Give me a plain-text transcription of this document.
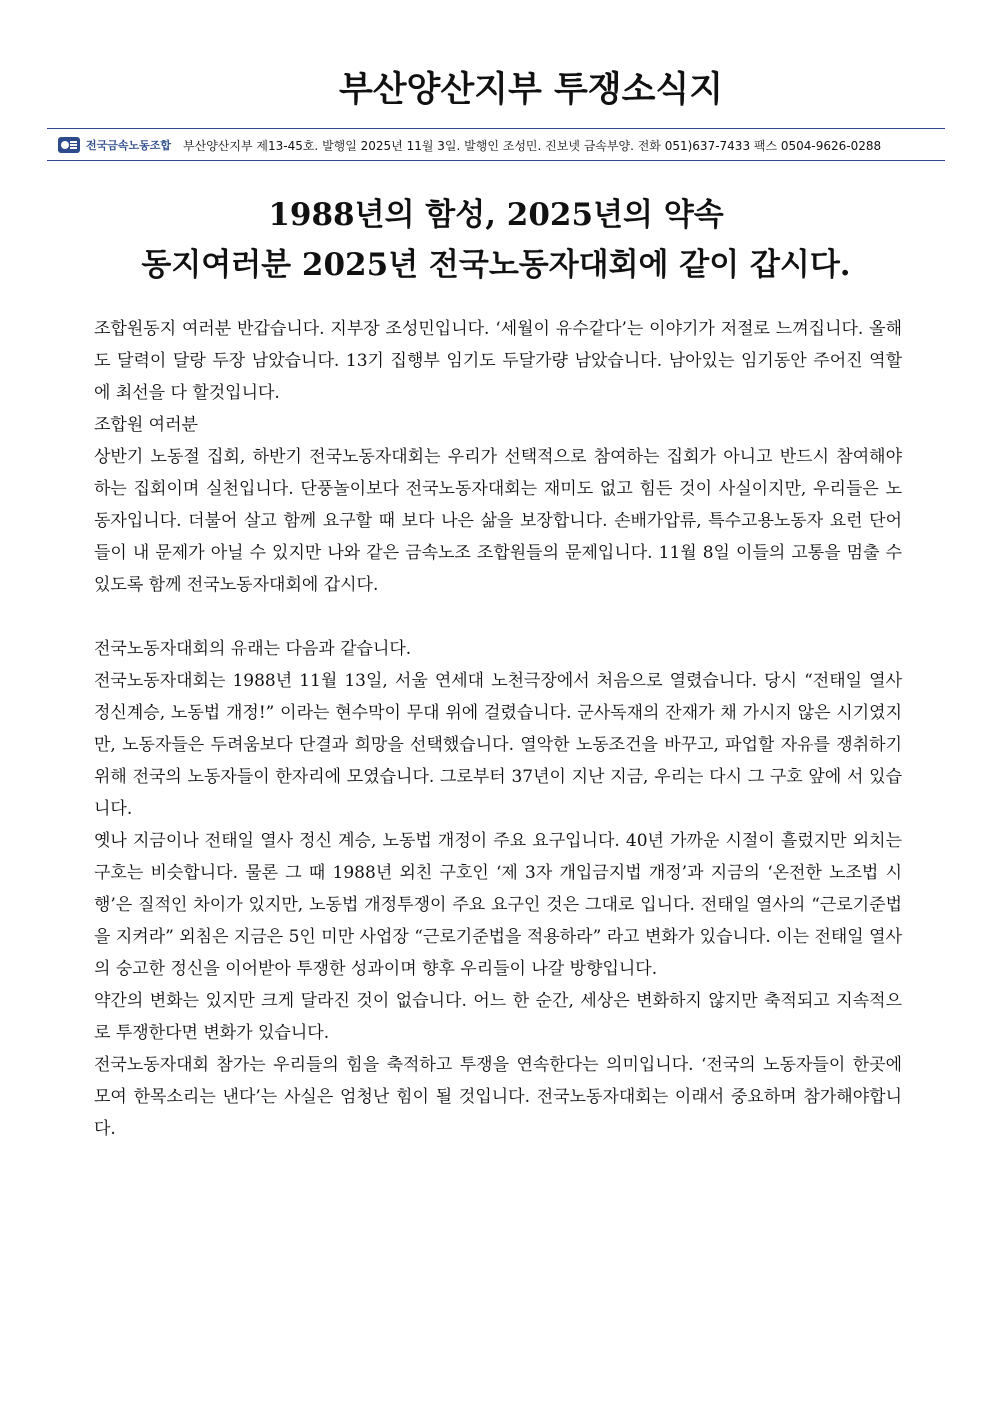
부산양산지부 투쟁소식지
전국금속노동조합 부산양산지부 제13-45호. 발행일 2025년 11월 3일. 발행인 조성민. 진보넷 금속부양. 전화 051)637-7433 팩스 0504-9626-0288
1988년의 함성, 2025년의 약속
동지여러분 2025년 전국노동자대회에 같이 갑시다.

조합원동지 여러분 반갑습니다. 지부장 조성민입니다. ‘세월이 유수같다’는 이야기가 저절로 느껴집니다. 올해도 달력이 달랑 두장 남았습니다. 13기 집행부 임기도 두달가량 남았습니다. 남아있는 임기동안 주어진 역할에 최선을 다 할것입니다.

조합원 여러분

상반기 노동절 집회, 하반기 전국노동자대회는 우리가 선택적으로 참여하는 집회가 아니고 반드시 참여해야 하는 집회이며 실천입니다. 단풍놀이보다 전국노동자대회는 재미도 없고 힘든 것이 사실이지만, 우리들은 노동자입니다. 더불어 살고 함께 요구할 때 보다 나은 삶을 보장합니다. 손배가압류, 특수고용노동자 요런 단어들이 내 문제가 아닐 수 있지만 나와 같은 금속노조 조합원들의 문제입니다. 11월 8일 이들의 고통을 멈출 수 있도록 함께 전국노동자대회에 갑시다.

전국노동자대회의 유래는 다음과 같습니다.

전국노동자대회는 1988년 11월 13일, 서울 연세대 노천극장에서 처음으로 열렸습니다. 당시 “전태일 열사 정신계승, 노동법 개정!” 이라는 현수막이 무대 위에 걸렸습니다. 군사독재의 잔재가 채 가시지 않은 시기였지만, 노동자들은 두려움보다 단결과 희망을 선택했습니다. 열악한 노동조건을 바꾸고, 파업할 자유를 쟁취하기 위해 전국의 노동자들이 한자리에 모였습니다. 그로부터 37년이 지난 지금, 우리는 다시 그 구호 앞에 서 있습니다.

옛나 지금이나 전태일 열사 정신 계승, 노동법 개정이 주요 요구입니다. 40년 가까운 시절이 흘렀지만 외치는 구호는 비슷합니다. 물론 그 때 1988년 외친 구호인 ‘제 3자 개입금지법 개정’과 지금의 ‘온전한 노조법 시행’은 질적인 차이가 있지만, 노동법 개정투쟁이 주요 요구인 것은 그대로 입니다. 전태일 열사의 “근로기준법을 지켜라” 외침은 지금은 5인 미만 사업장 “근로기준법을 적용하라” 라고 변화가 있습니다. 이는 전태일 열사의 숭고한 정신을 이어받아 투쟁한 성과이며 향후 우리들이 나갈 방향입니다.

약간의 변화는 있지만 크게 달라진 것이 없습니다. 어느 한 순간, 세상은 변화하지 않지만 축적되고 지속적으로 투쟁한다면 변화가 있습니다.

전국노동자대회 참가는 우리들의 힘을 축적하고 투쟁을 연속한다는 의미입니다. ‘전국의 노동자들이 한곳에 모여 한목소리는 낸다’는 사실은 엄청난 힘이 될 것입니다. 전국노동자대회는 이래서 중요하며 참가해야합니다.
